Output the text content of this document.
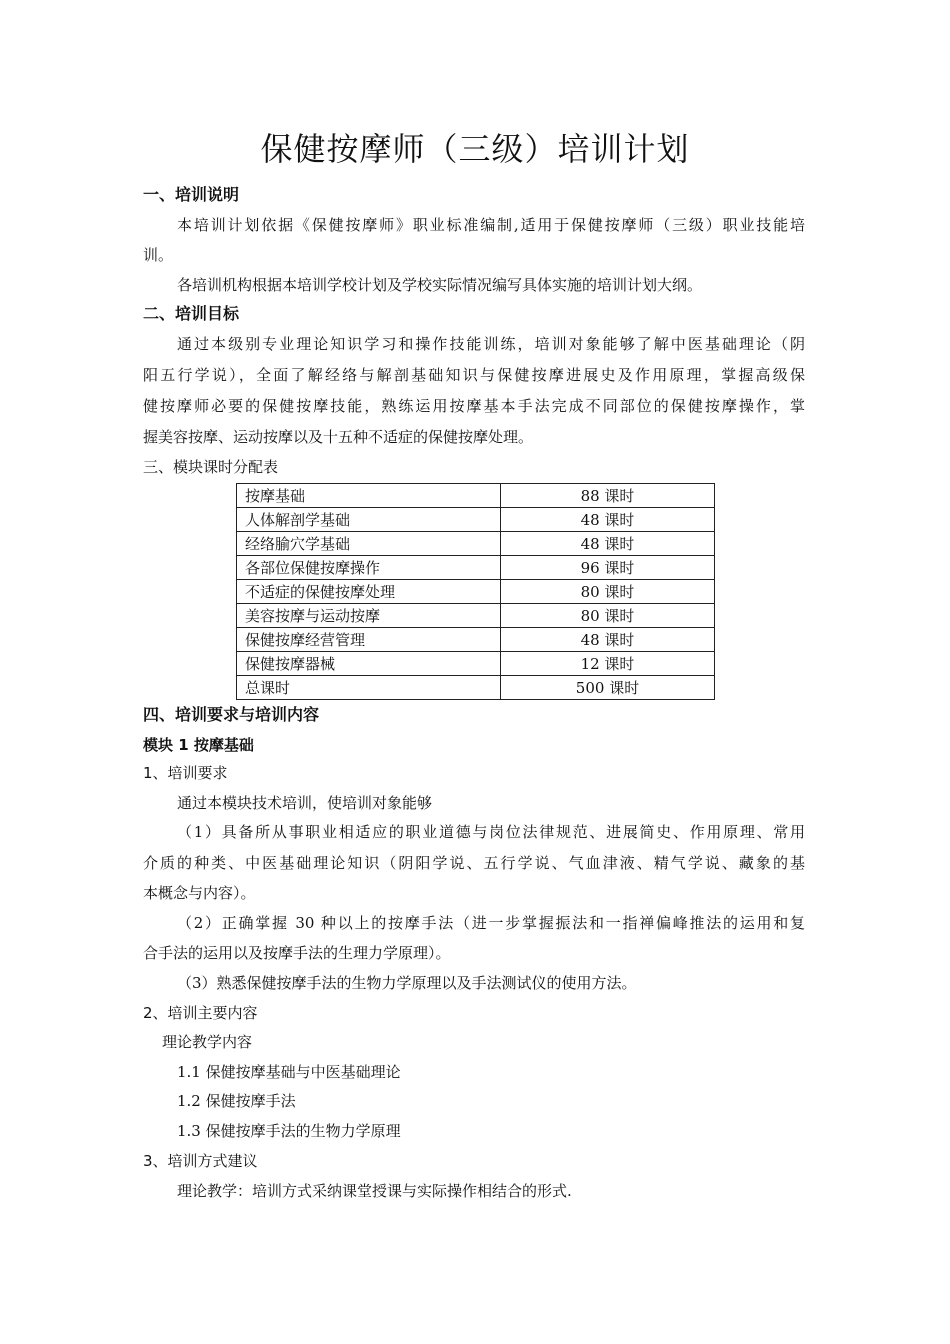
保健按摩师（三级）培训计划

一、培训说明

本培训计划依据《保健按摩师》职业标准编制,适用于保健按摩师（三级）职业技能培

训。

各培训机构根据本培训学校计划及学校实际情况编写具体实施的培训计划大纲。

二、培训目标

通过本级别专业理论知识学习和操作技能训练，培训对象能够了解中医基础理论（阴

阳五行学说），全面了解经络与解剖基础知识与保健按摩进展史及作用原理，掌握高级保

健按摩师必要的保健按摩技能，熟练运用按摩基本手法完成不同部位的保健按摩操作，掌

握美容按摩、运动按摩以及十五种不适症的保健按摩处理。

三、模块课时分配表

按摩基础	88 课时
人体解剖学基础	48 课时
经络腧穴学基础	48 课时
各部位保健按摩操作	96 课时
不适症的保健按摩处理	80 课时
美容按摩与运动按摩	80 课时
保健按摩经营管理	48 课时
保健按摩器械	12 课时
总课时	500 课时

四、培训要求与培训内容

模块 1 按摩基础

1、培训要求

通过本模块技术培训，使培训对象能够

（1）具备所从事职业相适应的职业道德与岗位法律规范、进展简史、作用原理、常用

介质的种类、中医基础理论知识（阴阳学说、五行学说、气血津液、精气学说、藏象的基

本概念与内容）。

（2）正确掌握 30 种以上的按摩手法（进一步掌握振法和一指禅偏峰推法的运用和复

合手法的运用以及按摩手法的生理力学原理）。

（3）熟悉保健按摩手法的生物力学原理以及手法测试仪的使用方法。

2、培训主要内容

理论教学内容

1.1 保健按摩基础与中医基础理论

1.2 保健按摩手法

1.3 保健按摩手法的生物力学原理

3、培训方式建议

理论教学：培训方式采纳课堂授课与实际操作相结合的形式.
